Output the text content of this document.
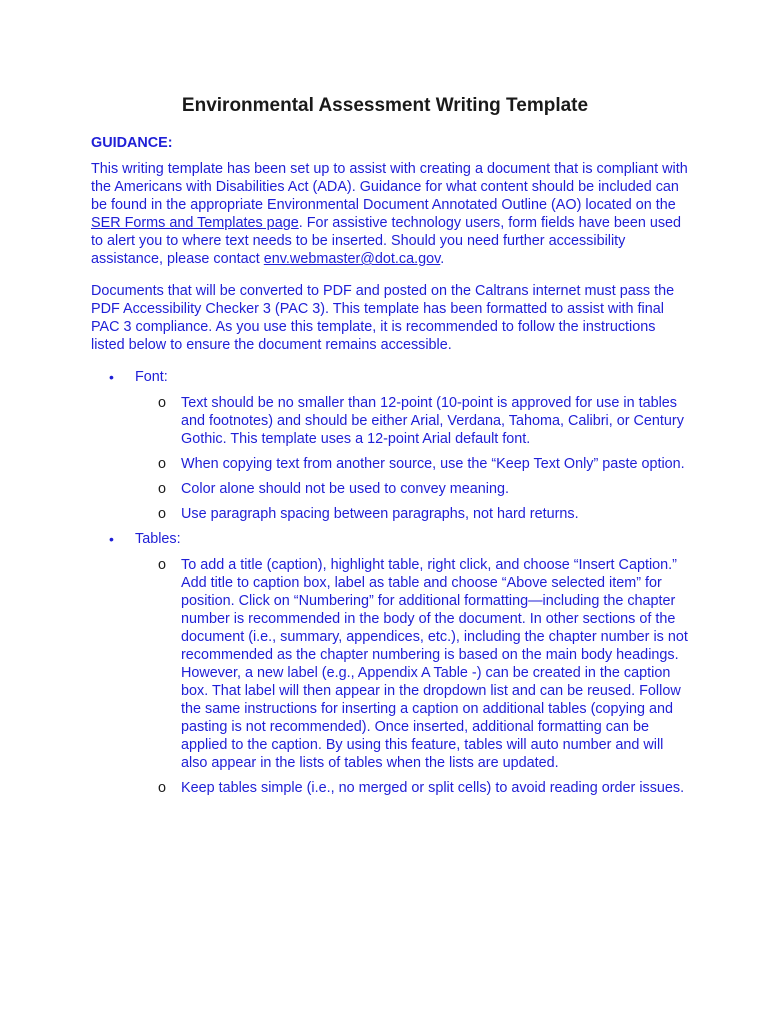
Environmental Assessment Writing Template
GUIDANCE:

This writing template has been set up to assist with creating a document that is compliant with the Americans with Disabilities Act (ADA). Guidance for what content should be included can be found in the appropriate Environmental Document Annotated Outline (AO) located on the SER Forms and Templates page. For assistive technology users, form fields have been used to alert you to where text needs to be inserted. Should you need further accessibility assistance, please contact env.webmaster@dot.ca.gov.

Documents that will be converted to PDF and posted on the Caltrans internet must pass the PDF Accessibility Checker 3 (PAC 3). This template has been formatted to assist with final PAC 3 compliance. As you use this template, it is recommended to follow the instructions listed below to ensure the document remains accessible.

• Font:
o Text should be no smaller than 12-point (10-point is approved for use in tables and footnotes) and should be either Arial, Verdana, Tahoma, Calibri, or Century Gothic. This template uses a 12-point Arial default font.
o When copying text from another source, use the “Keep Text Only” paste option.
o Color alone should not be used to convey meaning.
o Use paragraph spacing between paragraphs, not hard returns.
• Tables:
o To add a title (caption), highlight table, right click, and choose “Insert Caption.” Add title to caption box, label as table and choose “Above selected item” for position. Click on “Numbering” for additional formatting—including the chapter number is recommended in the body of the document. In other sections of the document (i.e., summary, appendices, etc.), including the chapter number is not recommended as the chapter numbering is based on the main body headings. However, a new label (e.g., Appendix A Table -) can be created in the caption box. That label will then appear in the dropdown list and can be reused. Follow the same instructions for inserting a caption on additional tables (copying and pasting is not recommended). Once inserted, additional formatting can be applied to the caption. By using this feature, tables will auto number and will also appear in the lists of tables when the lists are updated.
o Keep tables simple (i.e., no merged or split cells) to avoid reading order issues.
